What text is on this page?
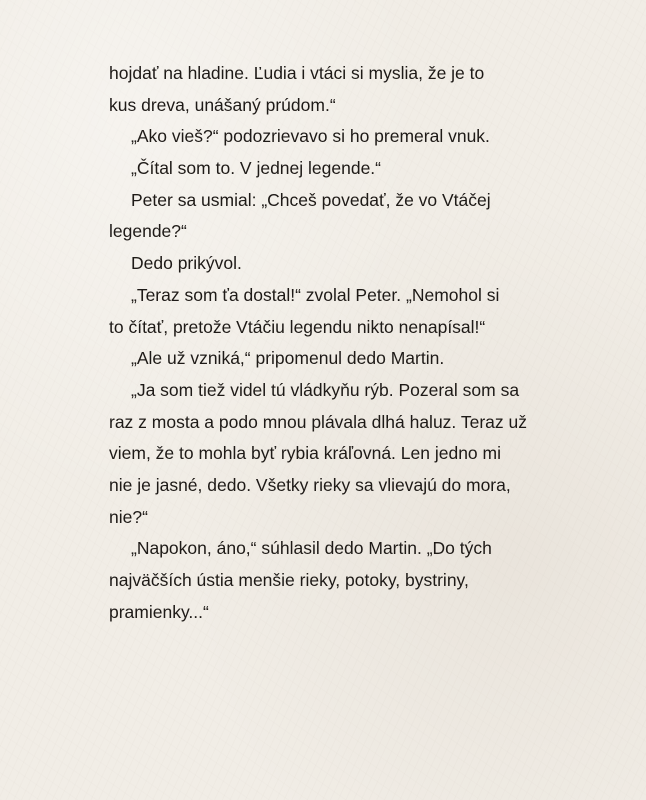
hojdať na hladine. Ľudia i vtáci si myslia, že je to
kus dreva, unášaný prúdom.“
„Ako vieš?“ podozrievavo si ho premeral vnuk.
„Čítal som to. V jednej legende.“
Peter sa usmial: „Chceš povedať, že vo Vtáčej
legende?“
Dedo prikývol.
„Teraz som ťa dostal!“ zvolal Peter. „Nemohol si
to čítať, pretože Vtáčiu legendu nikto nenapísal!“
„Ale už vzniká,“ pripomenul dedo Martin.
„Ja som tiež videl tú vládkyňu rýb. Pozeral som sa
raz z mosta a podo mnou plávala dlhá haluz. Teraz už
viem, že to mohla byť rybia kráľovná. Len jedno mi
nie je jasné, dedo. Všetky rieky sa vlievajú do mora,
nie?“
„Napokon, áno,“ súhlasil dedo Martin. „Do tých
najväčších ústia menšie rieky, potoky, bystriny,
pramienky...“
